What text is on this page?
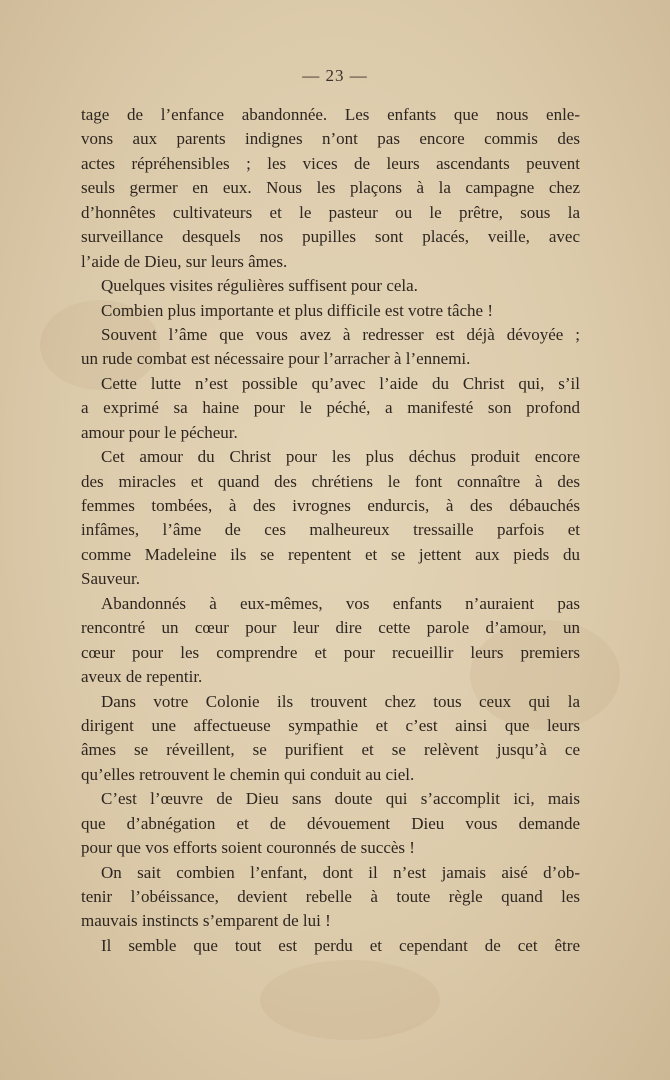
— 23 —
tage de l’enfance abandonnée. Les enfants que nous enle-
vons aux parents indignes n’ont pas encore commis des
actes répréhensibles ; les vices de leurs ascendants peuvent
seuls germer en eux. Nous les plaçons à la campagne chez
d’honnêtes cultivateurs et le pasteur ou le prêtre, sous la
surveillance desquels nos pupilles sont placés, veille, avec
l’aide de Dieu, sur leurs âmes.
Quelques visites régulières suffisent pour cela.
Combien plus importante et plus difficile est votre tâche !
Souvent l’âme que vous avez à redresser est déjà dévoyée ;
un rude combat est nécessaire pour l’arracher à l’ennemi.
Cette lutte n’est possible qu’avec l’aide du Christ qui, s’il
a exprimé sa haine pour le péché, a manifesté son profond
amour pour le pécheur.
Cet amour du Christ pour les plus déchus produit encore
des miracles et quand des chrétiens le font connaître à des
femmes tombées, à des ivrognes endurcis, à des débauchés
infâmes, l’âme de ces malheureux tressaille parfois et
comme Madeleine ils se repentent et se jettent aux pieds du
Sauveur.
Abandonnés à eux-mêmes, vos enfants n’auraient pas
rencontré un cœur pour leur dire cette parole d’amour, un
cœur pour les comprendre et pour recueillir leurs premiers
aveux de repentir.
Dans votre Colonie ils trouvent chez tous ceux qui la
dirigent une affectueuse sympathie et c’est ainsi que leurs
âmes se réveillent, se purifient et se relèvent jusqu’à ce
qu’elles retrouvent le chemin qui conduit au ciel.
C’est l’œuvre de Dieu sans doute qui s’accomplit ici, mais
que d’abnégation et de dévouement Dieu vous demande
pour que vos efforts soient couronnés de succès !
On sait combien l’enfant, dont il n’est jamais aisé d’ob-
tenir l’obéissance, devient rebelle à toute règle quand les
mauvais instincts s’emparent de lui !
Il semble que tout est perdu et cependant de cet être
